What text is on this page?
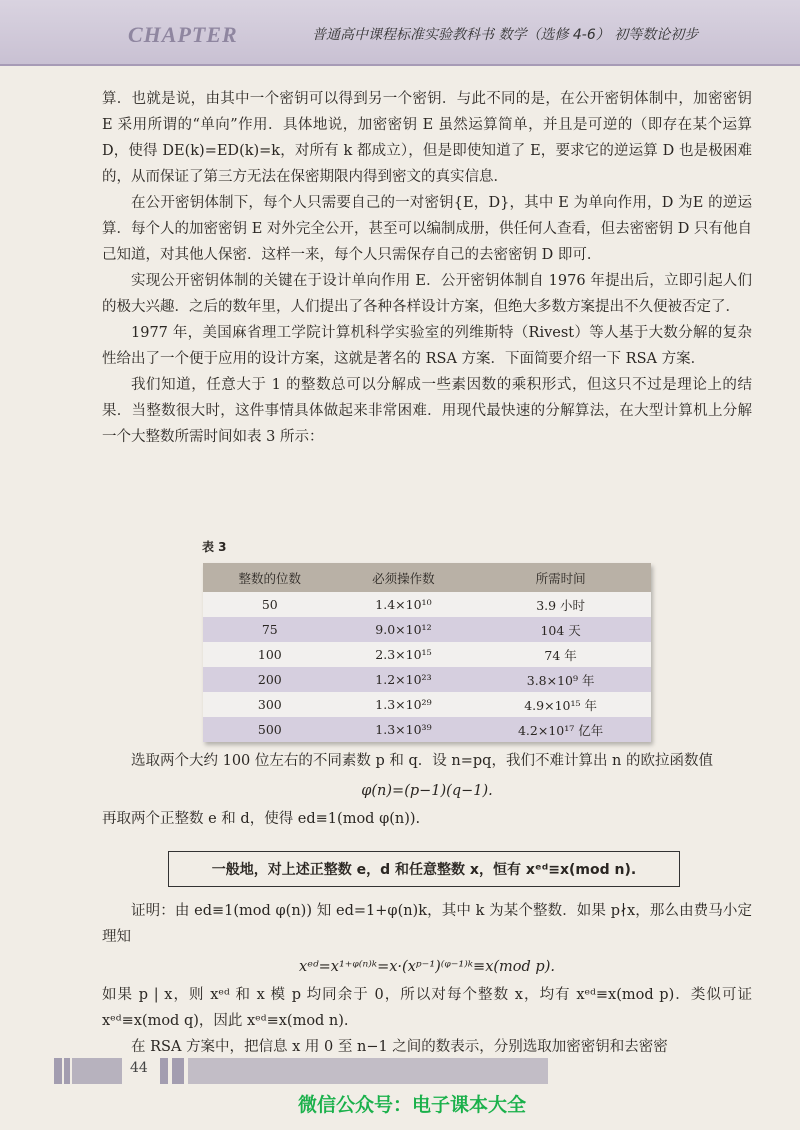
CHAPTER	普通高中课程标准实验教科书 数学（选修 4-6） 初等数论初步

算．也就是说，由其中一个密钥可以得到另一个密钥．与此不同的是，在公开密钥体制中，加密密钥 E 采用所谓的“单向”作用．具体地说，加密密钥 E 虽然运算简单，并且是可逆的（即存在某个运算 D，使得 DE(k)=ED(k)=k，对所有 k 都成立），但是即使知道了 E，要求它的逆运算 D 也是极困难的，从而保证了第三方无法在保密期限内得到密文的真实信息．

在公开密钥体制下，每个人只需要自己的一对密钥{E，D}，其中 E 为单向作用，D 为E 的逆运算．每个人的加密密钥 E 对外完全公开，甚至可以编制成册，供任何人查看，但去密密钥 D 只有他自己知道，对其他人保密．这样一来，每个人只需保存自己的去密密钥 D 即可．

实现公开密钥体制的关键在于设计单向作用 E．公开密钥体制自 1976 年提出后，立即引起人们的极大兴趣．之后的数年里，人们提出了各种各样设计方案，但绝大多数方案提出不久便被否定了．

1977 年，美国麻省理工学院计算机科学实验室的列维斯特（Rivest）等人基于大数分解的复杂性给出了一个便于应用的设计方案，这就是著名的 RSA 方案．下面简要介绍一下 RSA 方案．

我们知道，任意大于 1 的整数总可以分解成一些素因数的乘积形式，但这只不过是理论上的结果．当整数很大时，这件事情具体做起来非常困难．用现代最快速的分解算法，在大型计算机上分解一个大整数所需时间如表 3 所示：

表 3
整数的位数	必须操作数	所需时间
50	1.4×10¹⁰	3.9 小时
75	9.0×10¹²	104 天
100	2.3×10¹⁵	74 年
200	1.2×10²³	3.8×10⁹ 年
300	1.3×10²⁹	4.9×10¹⁵ 年
500	1.3×10³⁹	4.2×10¹⁷ 亿年

选取两个大约 100 位左右的不同素数 p 和 q．设 n=pq，我们不难计算出 n 的欧拉函数值

φ(n)=(p−1)(q−1).

再取两个正整数 e 和 d，使得 ed≡1(mod φ(n)).

一般地，对上述正整数 e，d 和任意整数 x，恒有 xᵉᵈ≡x(mod n).

证明：由 ed≡1(mod φ(n)) 知 ed=1+φ(n)k，其中 k 为某个整数．如果 p∤x，那么由费马小定理知

xᵉᵈ=x¹⁺ᵠ⁽ⁿ⁾ᵏ=x·(xᵖ⁻¹)⁽ᵠ⁻¹⁾ᵏ≡x(mod p).

如果 p | x，则 xᵉᵈ 和 x 模 p 均同余于 0，所以对每个整数 x，均有 xᵉᵈ≡x(mod p)．类似可证 xᵉᵈ≡x(mod q)，因此 xᵉᵈ≡x(mod n).

在 RSA 方案中，把信息 x 用 0 至 n−1 之间的数表示，分别选取加密密钥和去密密

44
微信公众号：电子课本大全
